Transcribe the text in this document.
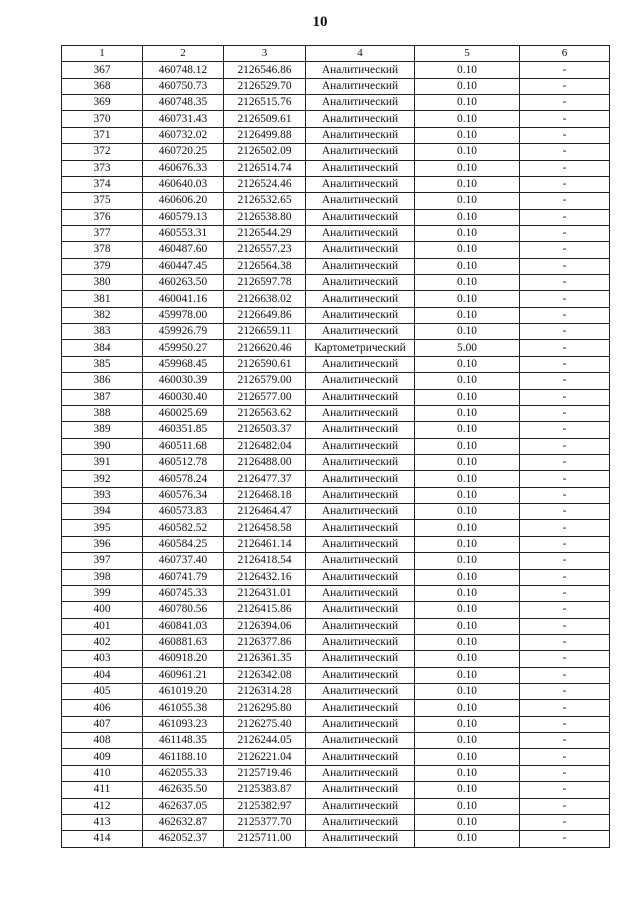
10
1	2	3	4	5	6
367	460748.12	2126546.86	Аналитический	0.10	-
368	460750.73	2126529.70	Аналитический	0.10	-
369	460748.35	2126515.76	Аналитический	0.10	-
370	460731.43	2126509.61	Аналитический	0.10	-
371	460732.02	2126499.88	Аналитический	0.10	-
372	460720.25	2126502.09	Аналитический	0.10	-
373	460676.33	2126514.74	Аналитический	0.10	-
374	460640.03	2126524.46	Аналитический	0.10	-
375	460606.20	2126532.65	Аналитический	0.10	-
376	460579.13	2126538.80	Аналитический	0.10	-
377	460553.31	2126544.29	Аналитический	0.10	-
378	460487.60	2126557.23	Аналитический	0.10	-
379	460447.45	2126564.38	Аналитический	0.10	-
380	460263.50	2126597.78	Аналитический	0.10	-
381	460041.16	2126638.02	Аналитический	0.10	-
382	459978.00	2126649.86	Аналитический	0.10	-
383	459926.79	2126659.11	Аналитический	0.10	-
384	459950.27	2126620.46	Картометрический	5.00	-
385	459968.45	2126590.61	Аналитический	0.10	-
386	460030.39	2126579.00	Аналитический	0.10	-
387	460030.40	2126577.00	Аналитический	0.10	-
388	460025.69	2126563.62	Аналитический	0.10	-
389	460351.85	2126503.37	Аналитический	0.10	-
390	460511.68	2126482.04	Аналитический	0.10	-
391	460512.78	2126488.00	Аналитический	0.10	-
392	460578.24	2126477.37	Аналитический	0.10	-
393	460576.34	2126468.18	Аналитический	0.10	-
394	460573.83	2126464.47	Аналитический	0.10	-
395	460582.52	2126458.58	Аналитический	0.10	-
396	460584.25	2126461.14	Аналитический	0.10	-
397	460737.40	2126418.54	Аналитический	0.10	-
398	460741.79	2126432.16	Аналитический	0.10	-
399	460745.33	2126431.01	Аналитический	0.10	-
400	460780.56	2126415.86	Аналитический	0.10	-
401	460841.03	2126394.06	Аналитический	0.10	-
402	460881.63	2126377.86	Аналитический	0.10	-
403	460918.20	2126361.35	Аналитический	0.10	-
404	460961.21	2126342.08	Аналитический	0.10	-
405	461019.20	2126314.28	Аналитический	0.10	-
406	461055.38	2126295.80	Аналитический	0.10	-
407	461093.23	2126275.40	Аналитический	0.10	-
408	461148.35	2126244.05	Аналитический	0.10	-
409	461188.10	2126221.04	Аналитический	0.10	-
410	462055.33	2125719.46	Аналитический	0.10	-
411	462635.50	2125383.87	Аналитический	0.10	-
412	462637.05	2125382.97	Аналитический	0.10	-
413	462632.87	2125377.70	Аналитический	0.10	-
414	462052.37	2125711.00	Аналитический	0.10	-
